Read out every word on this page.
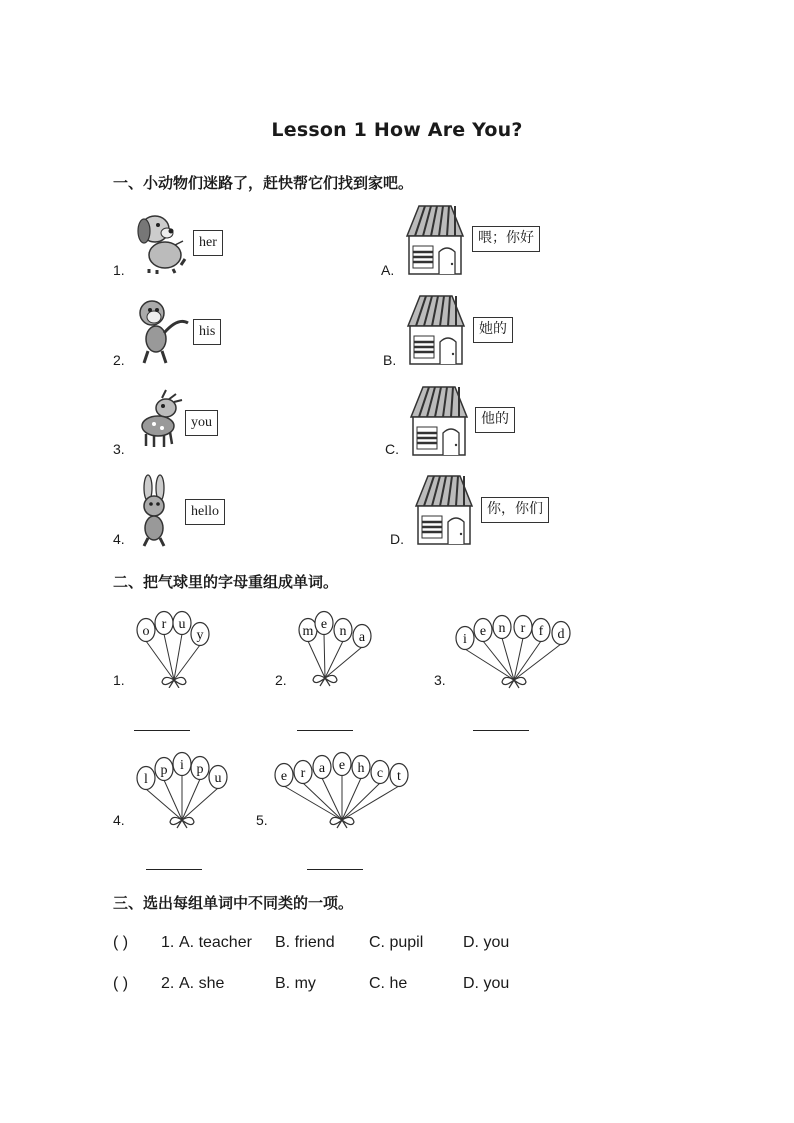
Lesson 1 How Are You?
一、小动物们迷路了，赶快帮它们找到家吧。
1.
her
2.
his
3.
you
4.
hello
A.
喂；你好
B.
她的
C.
他的
D.
你，你们
二、把气球里的字母重组成单词。
1.
o r u
y
2.
m e n a
3.
i
e n r f d
4.
l
p i p
u
5.
e r a e h c t
三、选出每组单词中不同类的一项。
( ) 1. A. teacher B. friend C. pupil D. you
( ) 2. A. she	B. my	C. he	D. you
